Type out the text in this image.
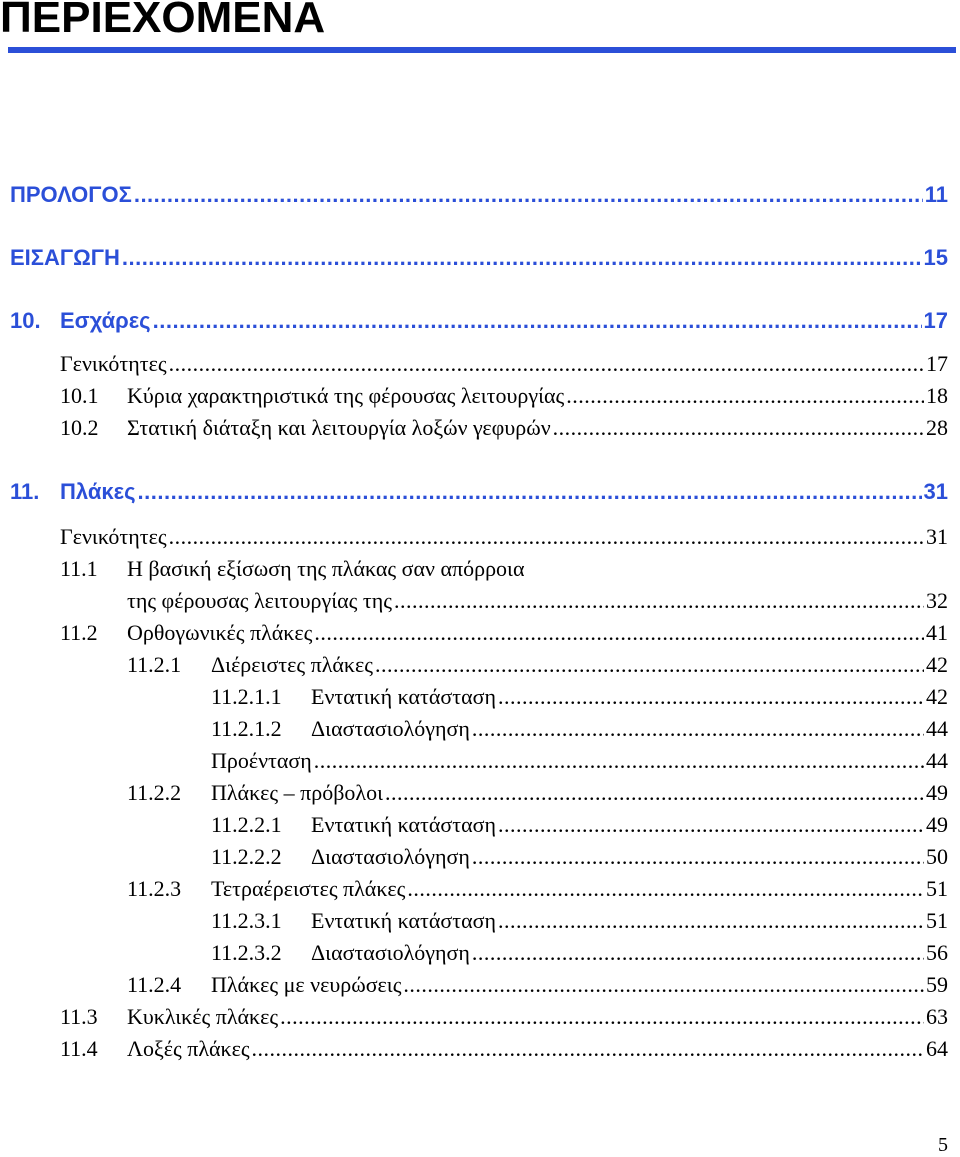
ΠΕΡΙΕΧΟΜΕΝΑ
ΠΡΟΛΟΓΟΣ .....	11
ΕΙΣΑΓΩΓΗ .....	15
10. Εσχάρες .....	17
Γενικότητες .....	17
10.1	Κύρια χαρακτηριστικά της φέρουσας λειτουργίας .....	18
10.2	Στατική διάταξη και λειτουργία λοξών γεφυρών .....	28
11. Πλάκες .....	31
Γενικότητες .....	31
11.1	Η βασική εξίσωση της πλάκας σαν απόρροια
της φέρουσας λειτουργίας της .....	32
11.2	Ορθογωνικές πλάκες .....	41
11.2.1	Διέρειστες πλάκες .....	42
11.2.1.1	Εντατική κατάσταση .....	42
11.2.1.2	Διαστασιολόγηση .....	44
Προένταση .....	44
11.2.2	Πλάκες – πρόβολοι .....	49
11.2.2.1	Εντατική κατάσταση .....	49
11.2.2.2	Διαστασιολόγηση .....	50
11.2.3	Τετραέρειστες πλάκες .....	51
11.2.3.1	Εντατική κατάσταση .....	51
11.2.3.2	Διαστασιολόγηση .....	56
11.2.4	Πλάκες με νευρώσεις .....	59
11.3	Κυκλικές πλάκες .....	63
11.4	Λοξές πλάκες .....	64
5
